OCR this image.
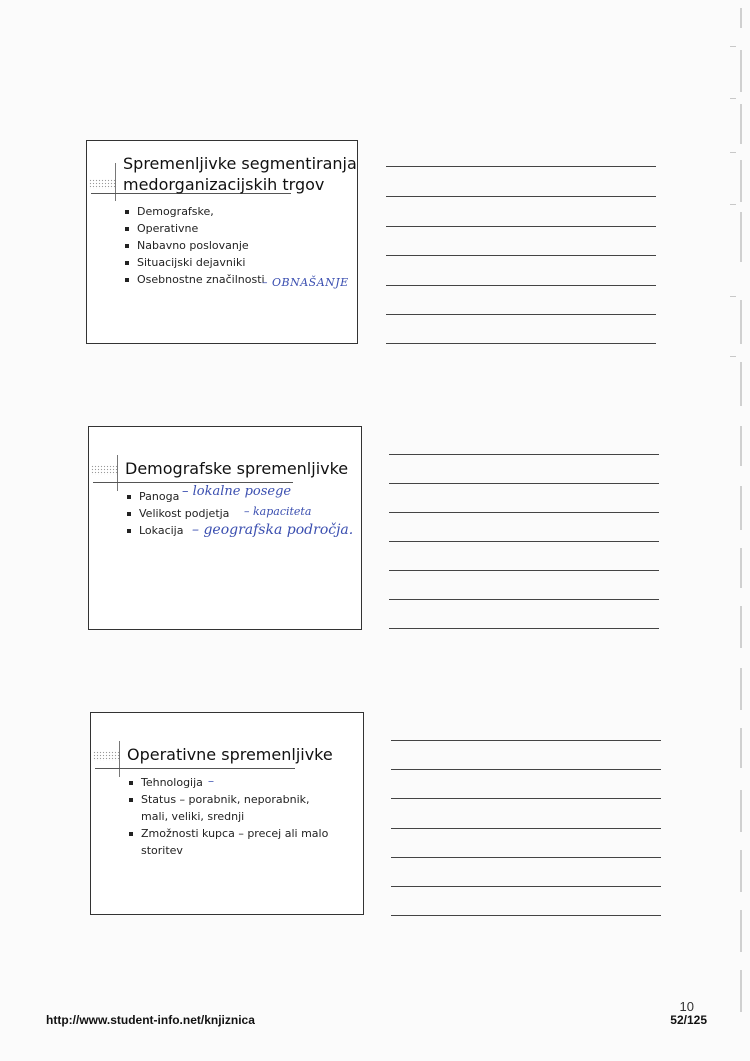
Spremenljivke segmentiranja
medorganizacijskih trgov
Demografske,
Operativne
Nabavno poslovanje
Situacijski dejavniki
Osebnostne značilnosti
– OBNAŠANJE
Demografske spremenljivke
Panoga
Velikost podjetja
Lokacija
– lokalne posege
– kapaciteta
– geografska področja.
Operativne spremenljivke
Tehnologija
Status – porabnik, neporabnik, mali, veliki, srednji
Zmožnosti kupca – precej ali malo storitev
–
http://www.student-info.net/knjiznica
10
52/125
